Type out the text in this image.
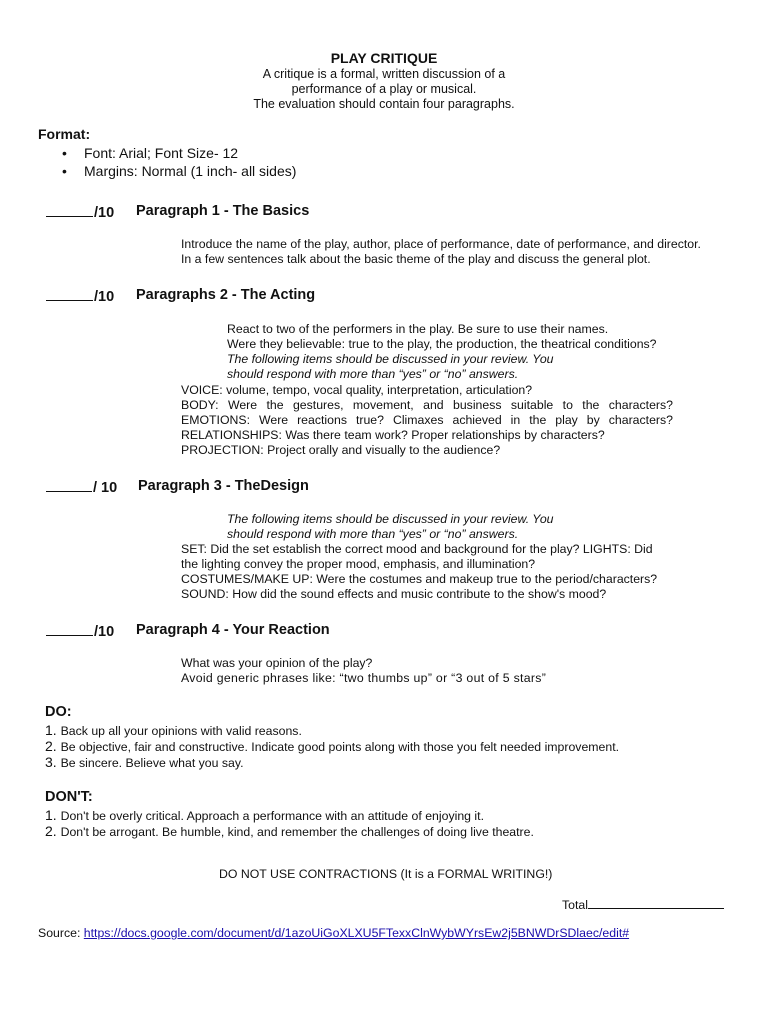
PLAY CRITIQUE
A critique is a formal, written discussion of a
performance of a play or musical.
The evaluation should contain four paragraphs.
Format:
• Font: Arial; Font Size- 12
• Margins: Normal (1 inch- all sides)
/10 Paragraph 1 - The Basics
Introduce the name of the play, author, place of performance, date of performance, and director.
In a few sentences talk about the basic theme of the play and discuss the general plot.
/10 Paragraphs 2 - The Acting
React to two of the performers in the play. Be sure to use their names.
Were they believable: true to the play, the production, the theatrical conditions?
The following items should be discussed in your review. You
should respond with more than “yes” or “no” answers.
VOICE: volume, tempo, vocal quality, interpretation, articulation?
BODY: Were the gestures, movement, and business suitable to the characters?
EMOTIONS: Were reactions true? Climaxes achieved in the play by characters?
RELATIONSHIPS: Was there team work? Proper relationships by characters?
PROJECTION: Project orally and visually to the audience?
/ 10 Paragraph 3 - TheDesign
The following items should be discussed in your review. You
should respond with more than “yes” or “no” answers.
SET: Did the set establish the correct mood and background for the play? LIGHTS: Did
the lighting convey the proper mood, emphasis, and illumination?
COSTUMES/MAKE UP: Were the costumes and makeup true to the period/characters?
SOUND: How did the sound effects and music contribute to the show's mood?
/10 Paragraph 4 - Your Reaction
What was your opinion of the play?
Avoid generic phrases like: “two thumbs up” or “3 out of 5 stars”
DO:
1. Back up all your opinions with valid reasons.
2. Be objective, fair and constructive. Indicate good points along with those you felt needed improvement.
3. Be sincere. Believe what you say.
DON'T:
1. Don't be overly critical. Approach a performance with an attitude of enjoying it.
2. Don't be arrogant. Be humble, kind, and remember the challenges of doing live theatre.
DO NOT USE CONTRACTIONS (It is a FORMAL WRITING!)
Total
Source: https://docs.google.com/document/d/1azoUiGoXLXU5FTexxClnWybWYrsEw2j5BNWDrSDlaec/edit#
